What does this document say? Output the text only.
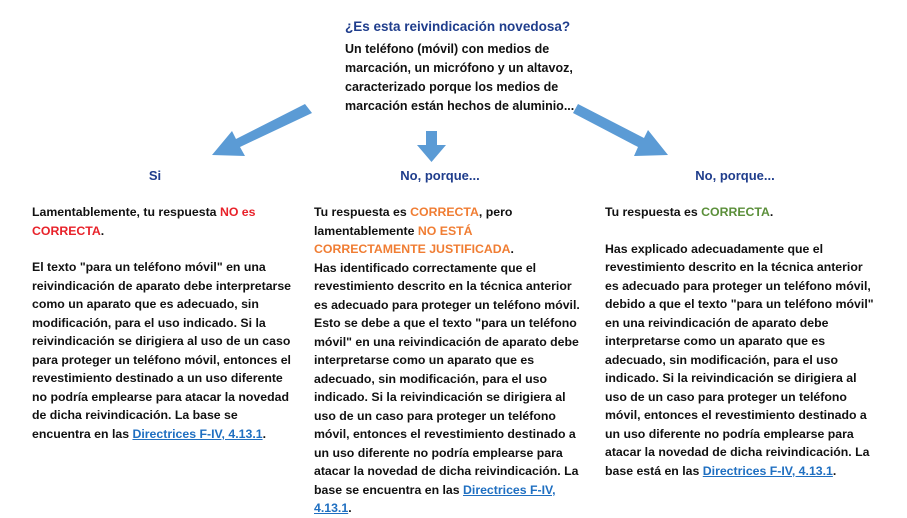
¿Es esta reivindicación novedosa?
Un teléfono (móvil) con medios de marcación, un micrófono y un altavoz, caracterizado porque los medios de marcación están hechos de aluminio...
Si	No, porque...	No, porque...

Lamentablemente, tu respuesta NO es CORRECTA.

El texto "para un teléfono móvil" en una reivindicación de aparato debe interpretarse como un aparato que es adecuado, sin modificación, para el uso indicado. Si la reivindicación se dirigiera al uso de un caso para proteger un teléfono móvil, entonces el revestimiento destinado a un uso diferente no podría emplearse para atacar la novedad de dicha reivindicación. La base se encuentra en las Directrices F-IV, 4.13.1.

Tu respuesta es CORRECTA, pero lamentablemente NO ESTÁ CORRECTAMENTE JUSTIFICADA.

Has identificado correctamente que el revestimiento descrito en la técnica anterior es adecuado para proteger un teléfono móvil. Esto se debe a que el texto "para un teléfono móvil" en una reivindicación de aparato debe interpretarse como un aparato que es adecuado, sin modificación, para el uso indicado. Si la reivindicación se dirigiera al uso de un caso para proteger un teléfono móvil, entonces el revestimiento destinado a un uso diferente no podría emplearse para atacar la novedad de dicha reivindicación. La base se encuentra en las Directrices F-IV, 4.13.1.

Tu respuesta es CORRECTA.

Has explicado adecuadamente que el revestimiento descrito en la técnica anterior es adecuado para proteger un teléfono móvil, debido a que el texto "para un teléfono móvil" en una reivindicación de aparato debe interpretarse como un aparato que es adecuado, sin modificación, para el uso indicado. Si la reivindicación se dirigiera al uso de un caso para proteger un teléfono móvil, entonces el revestimiento destinado a un uso diferente no podría emplearse para atacar la novedad de dicha reivindicación. La base está en las Directrices F-IV, 4.13.1.
